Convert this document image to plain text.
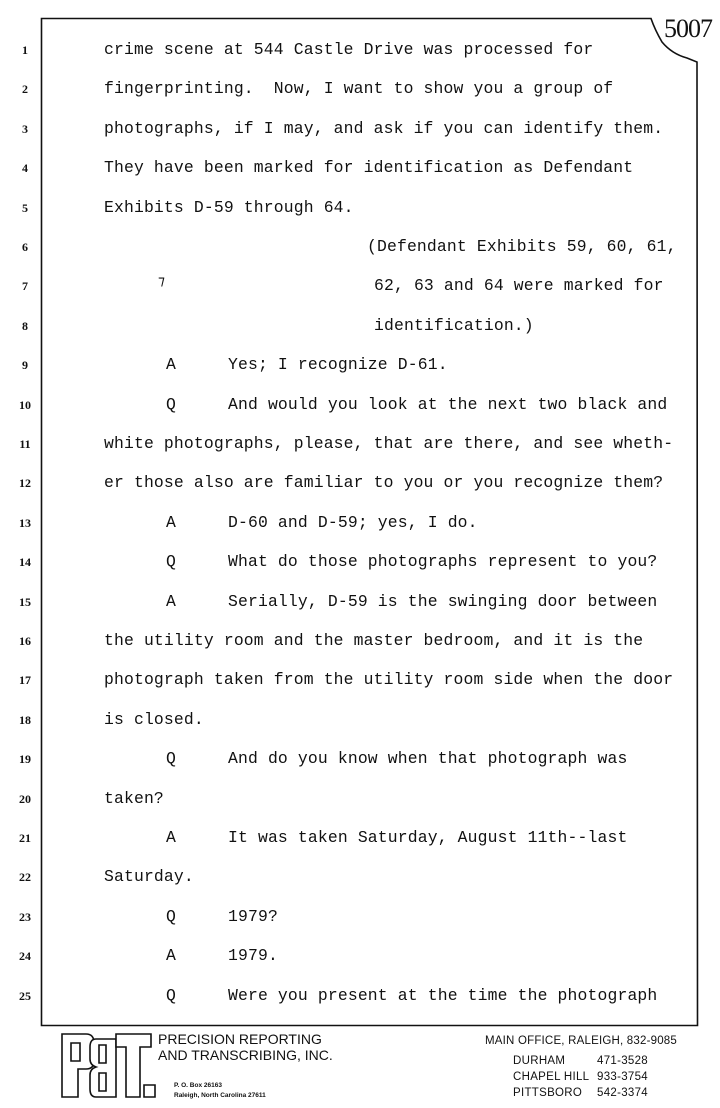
5007
1	crime scene at 544 Castle Drive was processed for
2	fingerprinting.  Now, I want to show you a group of
3	photographs, if I may, and ask if you can identify them.
4	They have been marked for identification as Defendant
5	Exhibits D-59 through 64.
6	(Defendant Exhibits 59, 60, 61,
7	62, 63 and 64 were marked for
8	identification.)
9	A	Yes; I recognize D-61.
10	Q	And would you look at the next two black and
11	white photographs, please, that are there, and see wheth-
12	er those also are familiar to you or you recognize them?
13	A	D-60 and D-59; yes, I do.
14	Q	What do those photographs represent to you?
15	A	Serially, D-59 is the swinging door between
16	the utility room and the master bedroom, and it is the
17	photograph taken from the utility room side when the door
18	is closed.
19	Q	And do you know when that photograph was
20	taken?
21	A	It was taken Saturday, August 11th--last
22	Saturday.
23	Q	1979?
24	A	1979.
25	Q	Were you present at the time the photograph
⁊
PRECISION REPORTING
AND TRANSCRIBING, INC.
P. O. Box 26163
Raleigh, North Carolina 27611
MAIN OFFICE, RALEIGH, 832-9085
DURHAM	471-3528
CHAPEL HILL 933-3754
PITTSBORO 542-3374
